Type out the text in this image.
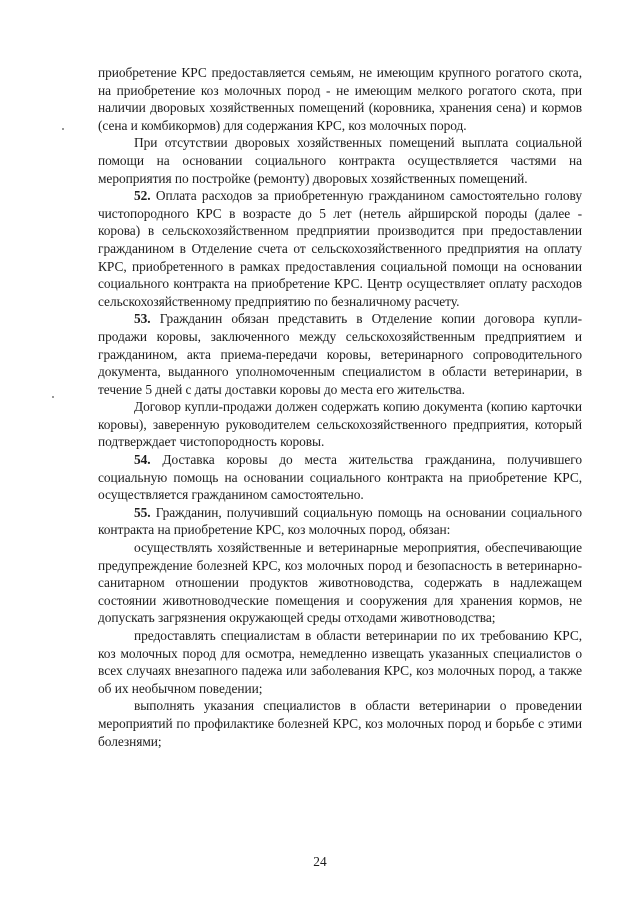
приобретение КРС предоставляется семьям, не имеющим крупного рогатого скота, на приобретение коз молочных пород - не имеющим мелкого рогатого скота, при наличии дворовых хозяйственных помещений (коровника, хранения сена) и кормов (сена и комбикормов) для содержания КРС, коз молочных пород.

При отсутствии дворовых хозяйственных помещений выплата социальной помощи на основании социального контракта осуществляется частями на мероприятия по постройке (ремонту) дворовых хозяйственных помещений.

52. Оплата расходов за приобретенную гражданином самостоятельно голову чистопородного КРС в возрасте до 5 лет (нетель айрширской породы (далее - корова) в сельскохозяйственном предприятии производится при предоставлении гражданином в Отделение счета от сельскохозяйственного предприятия на оплату КРС, приобретенного в рамках предоставления социальной помощи на основании социального контракта на приобретение КРС. Центр осуществляет оплату расходов сельскохозяйственному предприятию по безналичному расчету.

53. Гражданин обязан представить в Отделение копии договора купли-продажи коровы, заключенного между сельскохозяйственным предприятием и гражданином, акта приема-передачи коровы, ветеринарного сопроводительного документа, выданного уполномоченным специалистом в области ветеринарии, в течение 5 дней с даты доставки коровы до места его жительства.

Договор купли-продажи должен содержать копию документа (копию карточки коровы), заверенную руководителем сельскохозяйственного предприятия, который подтверждает чистопородность коровы.

54. Доставка коровы до места жительства гражданина, получившего социальную помощь на основании социального контракта на приобретение КРС, осуществляется гражданином самостоятельно.

55. Гражданин, получивший социальную помощь на основании социального контракта на приобретение КРС, коз молочных пород, обязан:

осуществлять хозяйственные и ветеринарные мероприятия, обеспечивающие предупреждение болезней КРС, коз молочных пород и безопасность в ветеринарно-санитарном отношении продуктов животноводства, содержать в надлежащем состоянии животноводческие помещения и сооружения для хранения кормов, не допускать загрязнения окружающей среды отходами животноводства;

предоставлять специалистам в области ветеринарии по их требованию КРС, коз молочных пород для осмотра, немедленно извещать указанных специалистов о всех случаях внезапного падежа или заболевания КРС, коз молочных пород, а также об их необычном поведении;

выполнять указания специалистов в области ветеринарии о проведении мероприятий по профилактике болезней КРС, коз молочных пород и борьбе с этими болезнями;

24
